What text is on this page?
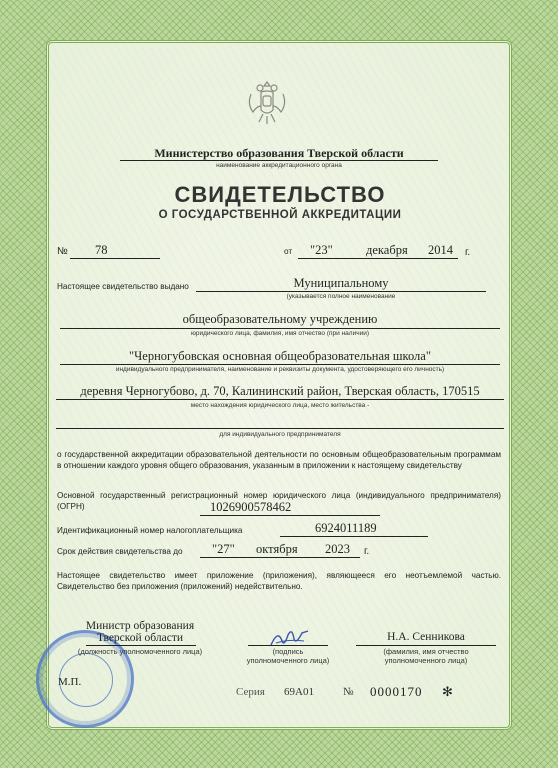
Министерство образования Тверской области
наименование аккредитационного органа
СВИДЕТЕЛЬСТВО
О ГОСУДАРСТВЕННОЙ АККРЕДИТАЦИИ
№ 78	от "23"	декабря 2014 г.
Настоящее свидетельство выдано	Муниципальному
(указывается полное наименование
общеобразовательному учреждению
юридического лица, фамилия, имя отчество (при наличии)
"Черногубовская основная общеобразовательная школа"
индивидуального предпринимателя, наименование и реквизиты документа, удостоверяющего его личность)
деревня Черногубово, д. 70, Калининский район, Тверская область, 170515
место нахождения юридического лица, место жительства -
для индивидуального предпринимателя
о государственной аккредитации образовательной деятельности по основным общеобразовательным программам в отношении каждого уровня общего образования, указанным в приложении к настоящему свидетельству
Основной государственный регистрационный номер юридического лица (индивидуального предпринимателя) (ОГРН)	1026900578462
Идентификационный номер налогоплательщика	6924011189
Срок действия свидетельства до "27" октября 2023 г.
Настоящее свидетельство имеет приложение (приложения), являющееся его неотъемлемой частью. Свидетельство без приложения (приложений) недействительно.
Министр образования
Тверской области
(должность уполномоченного лица)	(подпись уполномоченного лица)
Н.А. Сенникова
(фамилия, имя отчество уполномоченного лица)
М.П.
Серия 69А01	№ 0000170 ✻
